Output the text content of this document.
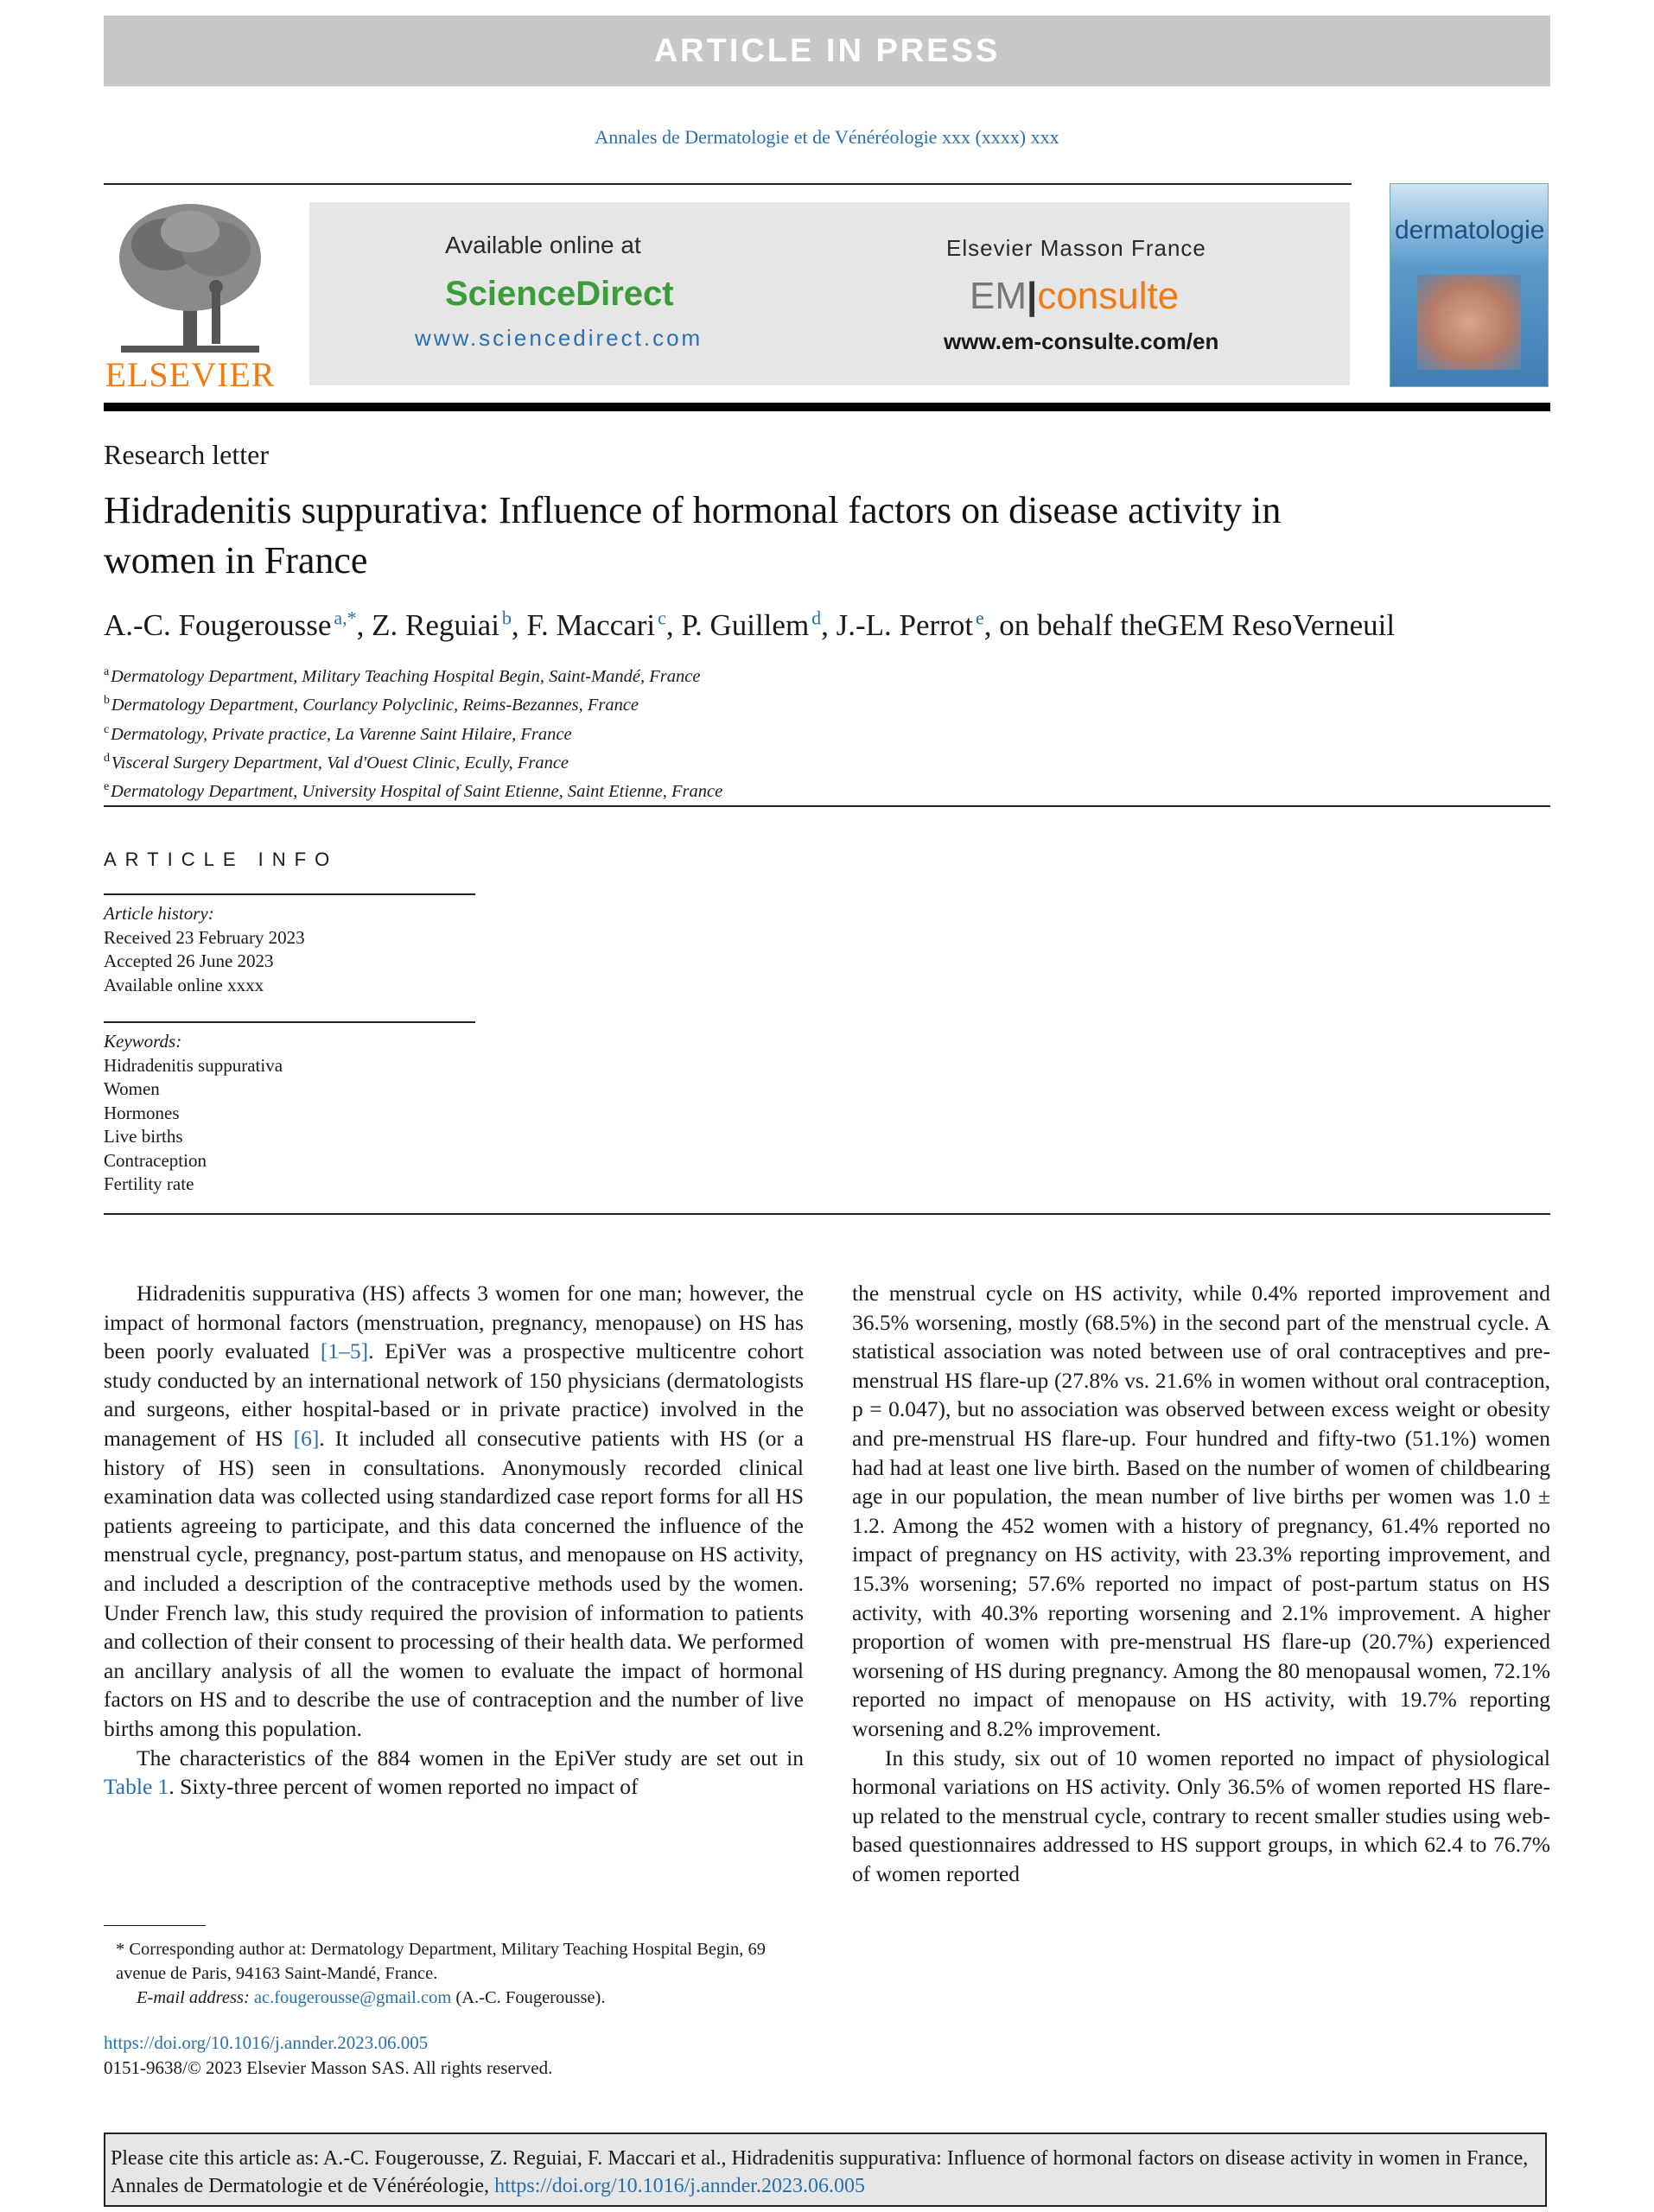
ARTICLE IN PRESS
Annales de Dermatologie et de Vénéréologie xxx (xxxx) xxx
ELSEVIER
Available online at
ScienceDirect
www.sciencedirect.com
Elsevier Masson France
EM|consulte
www.em-consulte.com/en
dermatologie
Research letter
Hidradenitis suppurativa: Influence of hormonal factors on disease activity in women in France
A.-C. Fougerousse  $^{a,*}$, Z. Reguiai  $^b$, F. Maccari  $^c$, P. Guillem  $^d$, J.-L. Perrot  $^e$, on behalf theGEM ResoVerneuil
$^a$ Dermatology Department, Military Teaching Hospital Begin, Saint-Mandé, France
$^b$ Dermatology Department, Courlancy Polyclinic, Reims-Bezannes, France
$^c$ Dermatology, Private practice, La Varenne Saint Hilaire, France
$^d$ Visceral Surgery Department, Val d'Ouest Clinic, Ecully, France
$^e$ Dermatology Department, University Hospital of Saint Etienne, Saint Etienne, France
ARTICLE INFO
Article history:
Received 23 February 2023
Accepted 26 June 2023
Available online xxxx
Keywords:
Hidradenitis suppurativa
Women
Hormones
Live births
Contraception
Fertility rate

Hidradenitis suppurativa (HS) affects 3 women for one man; however, the impact of hormonal factors (menstruation, pregnancy, menopause) on HS has been poorly evaluated [1–5]. EpiVer was a prospective multicentre cohort study conducted by an international network of 150 physicians (dermatologists and surgeons, either hospital-based or in private practice) involved in the management of HS [6]. It included all consecutive patients with HS (or a history of HS) seen in consultations. Anonymously recorded clinical examination data was collected using standardized case report forms for all HS patients agreeing to participate, and this data concerned the influence of the menstrual cycle, pregnancy, post-partum status, and menopause on HS activity, and included a description of the contraceptive methods used by the women. Under French law, this study required the provision of information to patients and collection of their consent to processing of their health data. We performed an ancillary analysis of all the women to evaluate the impact of hormonal factors on HS and to describe the use of contraception and the number of live births among this population.

The characteristics of the 884 women in the EpiVer study are set out in Table 1. Sixty-three percent of women reported no impact of

the menstrual cycle on HS activity, while 0.4% reported improvement and 36.5% worsening, mostly (68.5%) in the second part of the menstrual cycle. A statistical association was noted between use of oral contraceptives and pre-menstrual HS flare-up (27.8% vs. 21.6% in women without oral contraception, p = 0.047), but no association was observed between excess weight or obesity and pre-menstrual HS flare-up. Four hundred and fifty-two (51.1%) women had had at least one live birth. Based on the number of women of childbearing age in our population, the mean number of live births per women was 1.0 ± 1.2. Among the 452 women with a history of pregnancy, 61.4% reported no impact of pregnancy on HS activity, with 23.3% reporting improvement, and 15.3% worsening; 57.6% reported no impact of post-partum status on HS activity, with 40.3% reporting worsening and 2.1% improvement. A higher proportion of women with pre-menstrual HS flare-up (20.7%) experienced worsening of HS during pregnancy. Among the 80 menopausal women, 72.1% reported no impact of menopause on HS activity, with 19.7% reporting worsening and 8.2% improvement.

In this study, six out of 10 women reported no impact of physiological hormonal variations on HS activity. Only 36.5% of women reported HS flare-up related to the menstrual cycle, contrary to recent smaller studies using web-based questionnaires addressed to HS support groups, in which 62.4 to 76.7% of women reported

* Corresponding author at: Dermatology Department, Military Teaching Hospital Begin, 69 avenue de Paris, 94163 Saint-Mandé, France.
E-mail address: ac.fougerousse@gmail.com (A.-C. Fougerousse).
https://doi.org/10.1016/j.annder.2023.06.005
0151-9638/© 2023 Elsevier Masson SAS. All rights reserved.
Please cite this article as: A.-C. Fougerousse, Z. Reguiai, F. Maccari et al., Hidradenitis suppurativa: Influence of hormonal factors on disease activity in women in France, Annales de Dermatologie et de Vénéréologie, https://doi.org/10.1016/j.annder.2023.06.005
